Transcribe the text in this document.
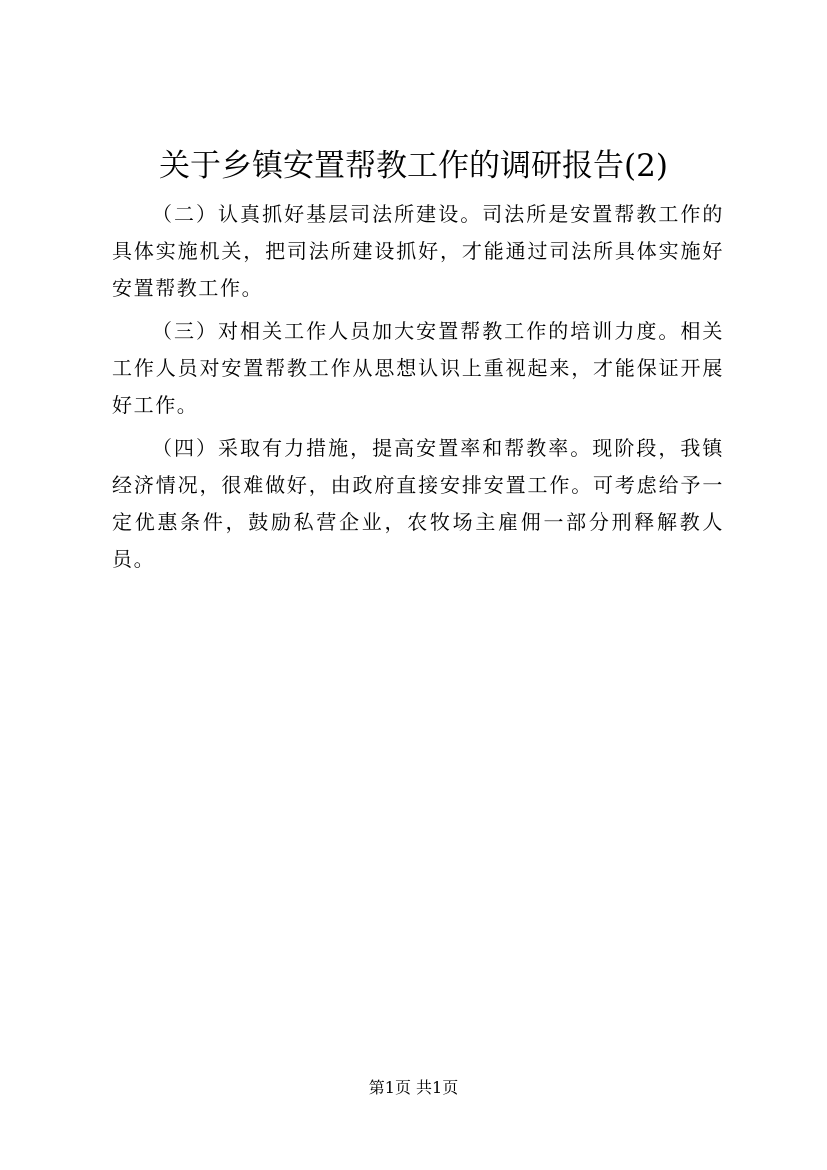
关于乡镇安置帮教工作的调研报告(2)

（二）认真抓好基层司法所建设。司法所是安置帮教工作的具体实施机关，把司法所建设抓好，才能通过司法所具体实施好安置帮教工作。

（三）对相关工作人员加大安置帮教工作的培训力度。相关工作人员对安置帮教工作从思想认识上重视起来，才能保证开展好工作。

（四）采取有力措施，提高安置率和帮教率。现阶段，我镇经济情况，很难做好，由政府直接安排安置工作。可考虑给予一定优惠条件，鼓励私营企业，农牧场主雇佣一部分刑释解教人员。

第1页 共1页
